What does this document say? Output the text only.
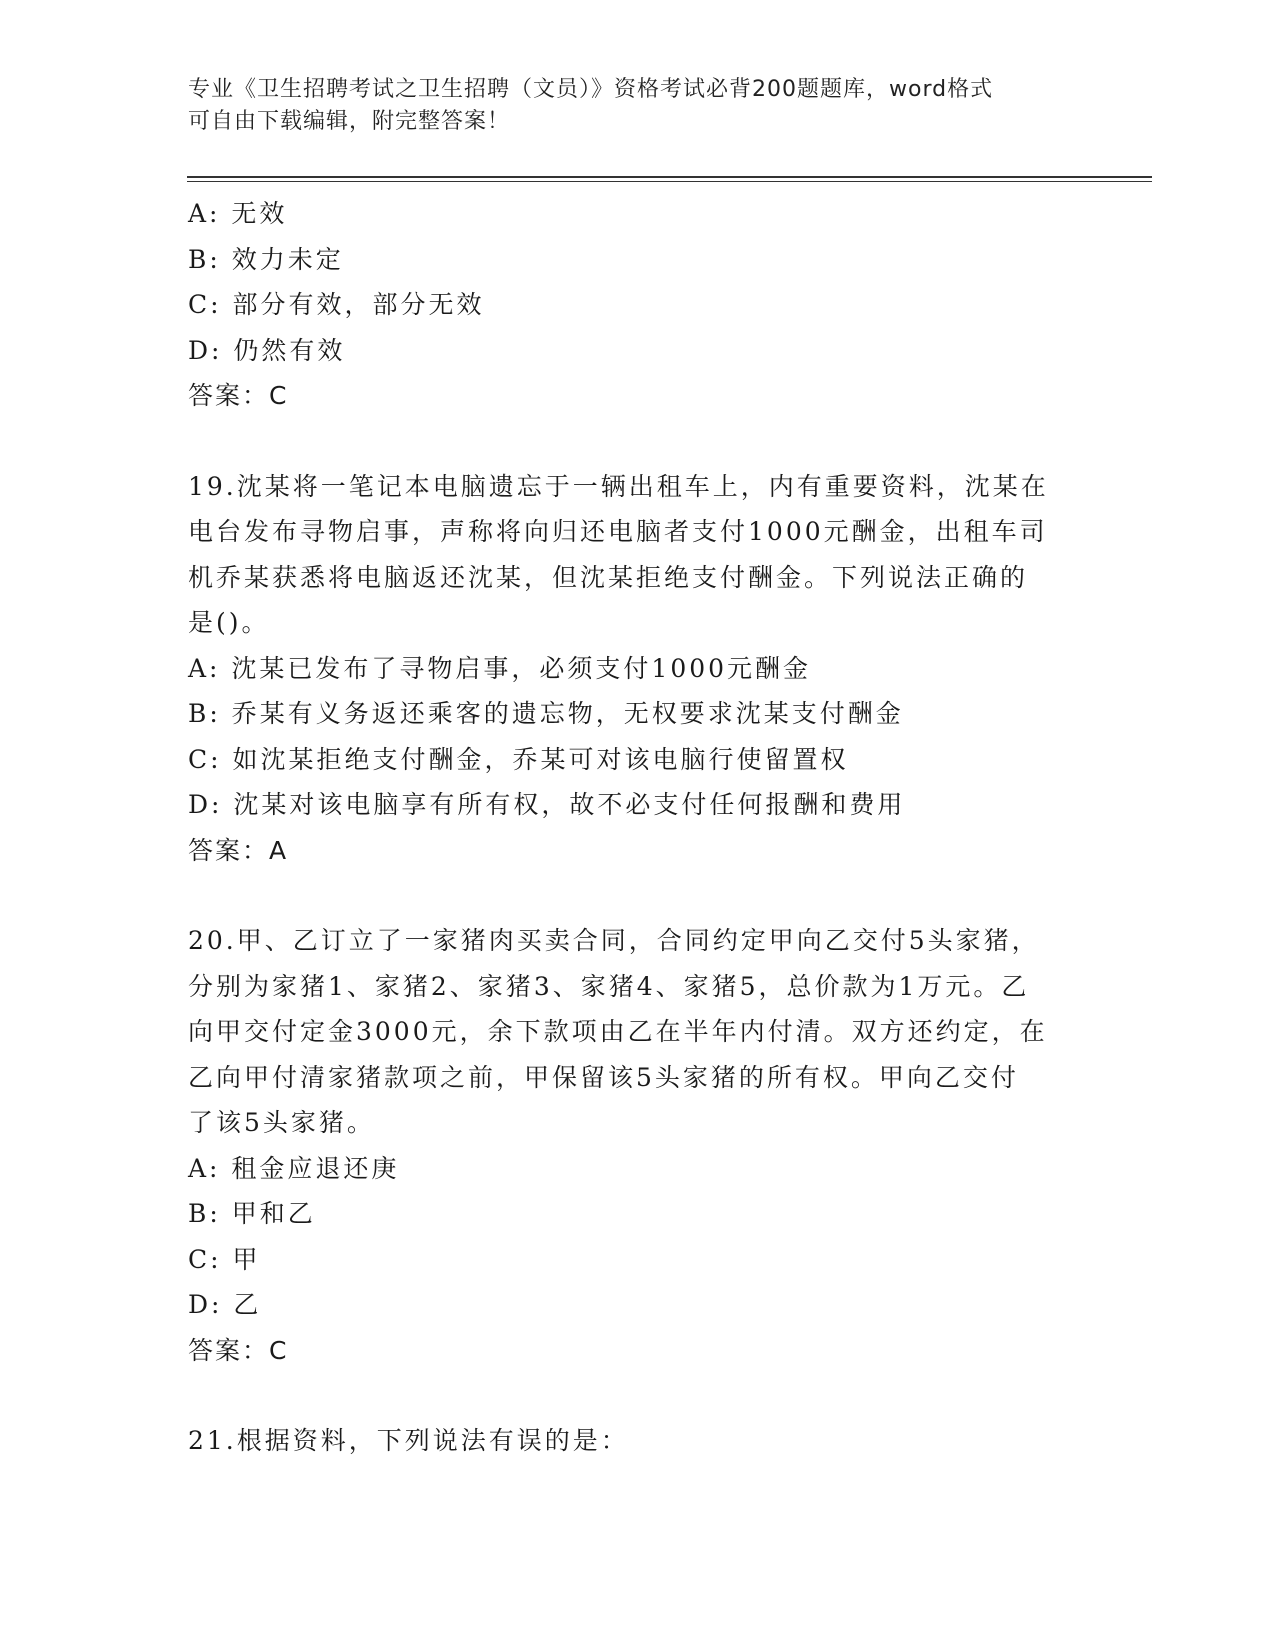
专业《卫生招聘考试之卫生招聘（文员）》资格考试必背200题题库，word格式
可自由下载编辑，附完整答案！
A: 无效
B: 效力未定
C: 部分有效，部分无效
D: 仍然有效
答案：C
19.沈某将一笔记本电脑遗忘于一辆出租车上，内有重要资料，沈某在
电台发布寻物启事，声称将向归还电脑者支付1000元酬金，出租车司
机乔某获悉将电脑返还沈某，但沈某拒绝支付酬金。下列说法正确的
是()。
A: 沈某已发布了寻物启事，必须支付1000元酬金
B: 乔某有义务返还乘客的遗忘物，无权要求沈某支付酬金
C: 如沈某拒绝支付酬金，乔某可对该电脑行使留置权
D: 沈某对该电脑享有所有权，故不必支付任何报酬和费用
答案：A
20.甲、乙订立了一家猪肉买卖合同，合同约定甲向乙交付5头家猪，
分别为家猪1、家猪2、家猪3、家猪4、家猪5，总价款为1万元。乙
向甲交付定金3000元，余下款项由乙在半年内付清。双方还约定，在
乙向甲付清家猪款项之前，甲保留该5头家猪的所有权。甲向乙交付
了该5头家猪。
A: 租金应退还庚
B: 甲和乙
C: 甲
D: 乙
答案：C
21.根据资料，下列说法有误的是：
